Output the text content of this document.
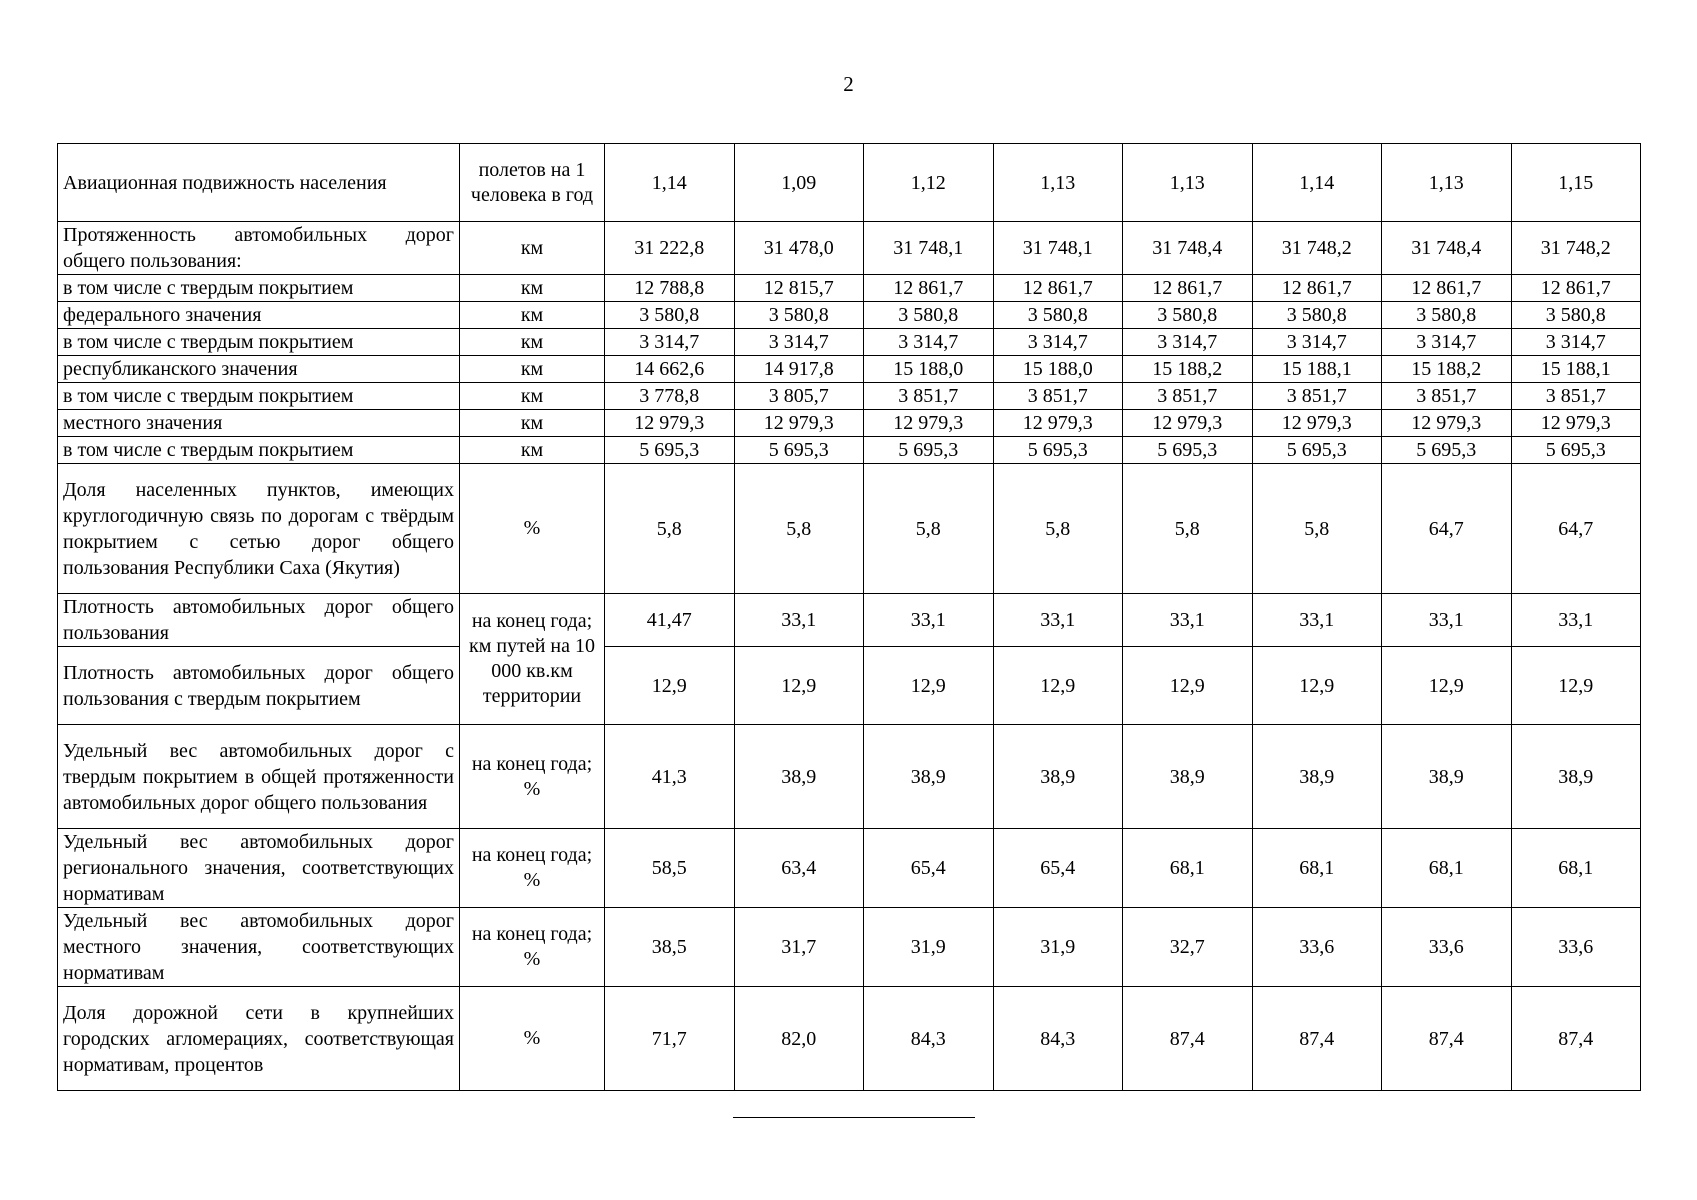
2
Авиационная подвижность населения	полетов на 1 человека в год	1,14	1,09	1,12	1,13	1,13	1,14	1,13	1,15
Протяженность автомобильных дорог общего пользования:	км	31 222,8	31 478,0	31 748,1	31 748,1	31 748,4	31 748,2	31 748,4	31 748,2
в том числе с твердым покрытием	км	12 788,8	12 815,7	12 861,7	12 861,7	12 861,7	12 861,7	12 861,7	12 861,7
федерального значения	км	3 580,8	3 580,8	3 580,8	3 580,8	3 580,8	3 580,8	3 580,8	3 580,8
в том числе с твердым покрытием	км	3 314,7	3 314,7	3 314,7	3 314,7	3 314,7	3 314,7	3 314,7	3 314,7
республиканского значения	км	14 662,6	14 917,8	15 188,0	15 188,0	15 188,2	15 188,1	15 188,2	15 188,1
в том числе с твердым покрытием	км	3 778,8	3 805,7	3 851,7	3 851,7	3 851,7	3 851,7	3 851,7	3 851,7
местного значения	км	12 979,3	12 979,3	12 979,3	12 979,3	12 979,3	12 979,3	12 979,3	12 979,3
в том числе с твердым покрытием	км	5 695,3	5 695,3	5 695,3	5 695,3	5 695,3	5 695,3	5 695,3	5 695,3
Доля населенных пунктов, имеющих круглогодичную связь по дорогам с твёрдым покрытием с сетью дорог общего пользования Республики Саха (Якутия)	%	5,8	5,8	5,8	5,8	5,8	5,8	64,7	64,7
Плотность автомобильных дорог общего пользования	на конец года; км путей на 10 000 кв.км территории	41,47	33,1	33,1	33,1	33,1	33,1	33,1	33,1
Плотность автомобильных дорог общего пользования с твердым покрытием		12,9	12,9	12,9	12,9	12,9	12,9	12,9	12,9
Удельный вес автомобильных дорог с твердым покрытием в общей протяженности автомобильных дорог общего пользования	на конец года; %	41,3	38,9	38,9	38,9	38,9	38,9	38,9	38,9
Удельный вес автомобильных дорог регионального значения, соответствующих нормативам	на конец года; %	58,5	63,4	65,4	65,4	68,1	68,1	68,1	68,1
Удельный вес автомобильных дорог местного значения, соответствующих нормативам	на конец года; %	38,5	31,7	31,9	31,9	32,7	33,6	33,6	33,6
Доля дорожной сети в крупнейших городских агломерациях, соответствующая нормативам, процентов	%	71,7	82,0	84,3	84,3	87,4	87,4	87,4	87,4
